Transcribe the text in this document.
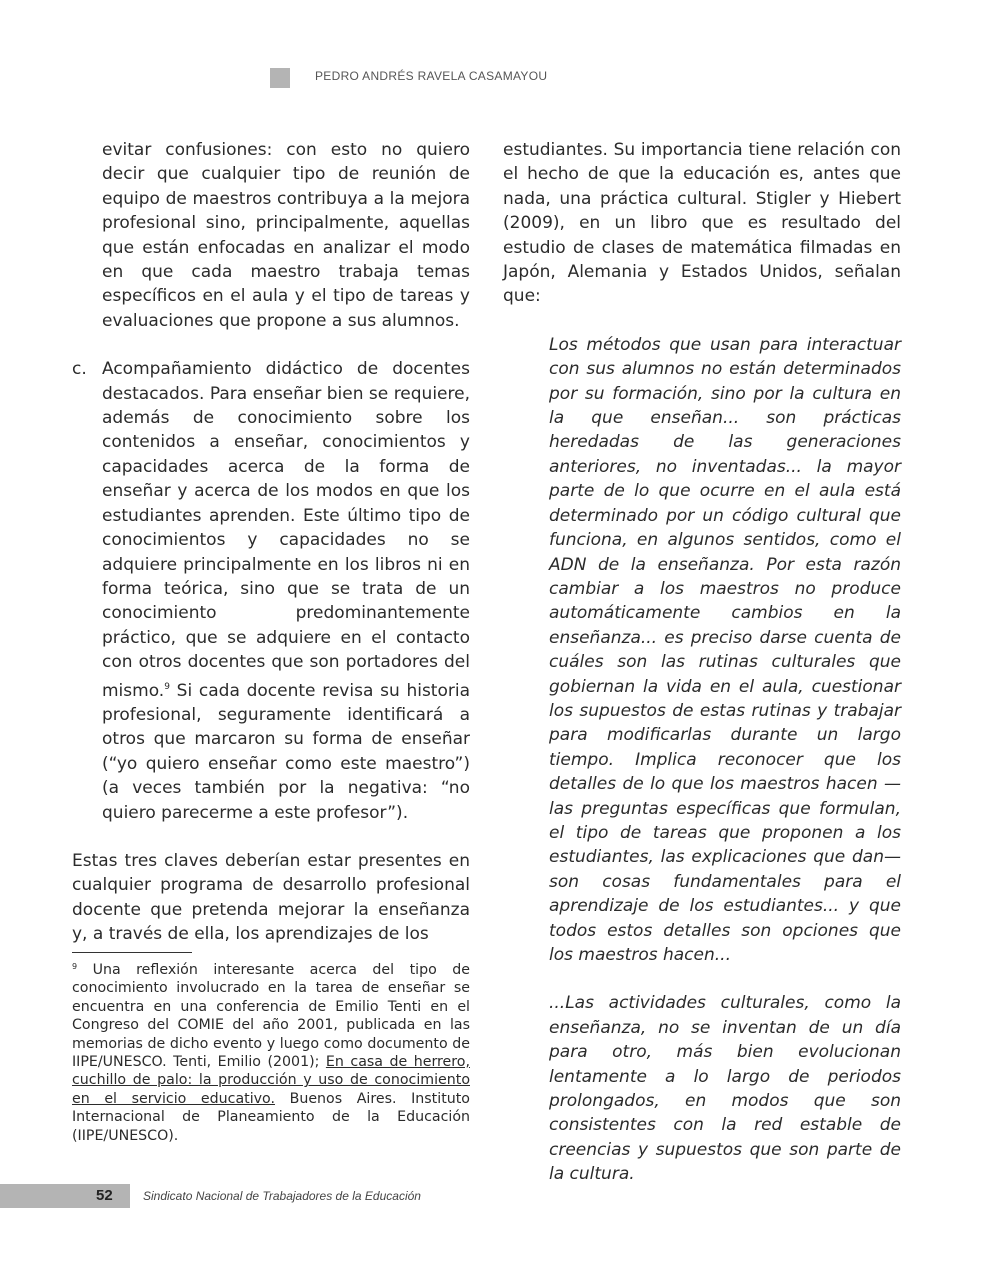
PEDRO ANDRÉS RAVELA CASAMAYOU

evitar confusiones: con esto no quiero decir que cualquier tipo de reunión de equipo de maestros contribuya a la mejora profesional sino, principalmente, aquellas que están enfocadas en analizar el modo en que cada maestro trabaja temas específicos en el aula y el tipo de tareas y evaluaciones que propone a sus alumnos.

c. Acompañamiento didáctico de docentes destacados. Para enseñar bien se requiere, además de conocimiento sobre los contenidos a enseñar, conocimientos y capacidades acerca de la forma de enseñar y acerca de los modos en que los estudiantes aprenden. Este último tipo de conocimientos y capacidades no se adquiere principalmente en los libros ni en forma teórica, sino que se trata de un conocimiento predominantemente práctico, que se adquiere en el contacto con otros docentes que son portadores del mismo.$^9$ Si cada docente revisa su historia profesional, seguramente identificará a otros que marcaron su forma de enseñar (“yo quiero enseñar como este maestro”) (a veces también por la negativa: “no quiero parecerme a este profesor”).

Estas tres claves deberían estar presentes en cualquier programa de desarrollo profesional docente que pretenda mejorar la enseñanza y, a través de ella, los aprendizajes de los

estudiantes. Su importancia tiene relación con el hecho de que la educación es, antes que nada, una práctica cultural. Stigler y Hiebert (2009), en un libro que es resultado del estudio de clases de matemática filmadas en Japón, Alemania y Estados Unidos, señalan que:

Los métodos que usan para interactuar con sus alumnos no están determinados por su formación, sino por la cultura en la que enseñan... son prácticas heredadas de las generaciones anteriores, no inventadas... la mayor parte de lo que ocurre en el aula está determinado por un código cultural que funciona, en algunos sentidos, como el ADN de la enseñanza. Por esta razón cambiar a los maestros no produce automáticamente cambios en la enseñanza... es preciso darse cuenta de cuáles son las rutinas culturales que gobiernan la vida en el aula, cuestionar los supuestos de estas rutinas y trabajar para modificarlas durante un largo tiempo. Implica reconocer que los detalles de lo que los maestros hacen —las preguntas específicas que formulan, el tipo de tareas que proponen a los estudiantes, las explicaciones que dan— son cosas fundamentales para el aprendizaje de los estudiantes... y que todos estos detalles son opciones que los maestros hacen...

...Las actividades culturales, como la enseñanza, no se inventan de un día para otro, más bien evolucionan lentamente a lo largo de periodos prolongados, en modos que son consistentes con la red estable de creencias y supuestos que son parte de la cultura.

$^9$ Una reflexión interesante acerca del tipo de conocimiento involucrado en la tarea de enseñar se encuentra en una conferencia de Emilio Tenti en el Congreso del COMIE del año 2001, publicada en las memorias de dicho evento y luego como documento de IIPE/UNESCO. Tenti, Emilio (2001); En casa de herrero, cuchillo de palo: la producción y uso de conocimiento en el servicio educativo. Buenos Aires. Instituto Internacional de Planeamiento de la Educación (IIPE/UNESCO).

52	Sindicato Nacional de Trabajadores de la Educación
